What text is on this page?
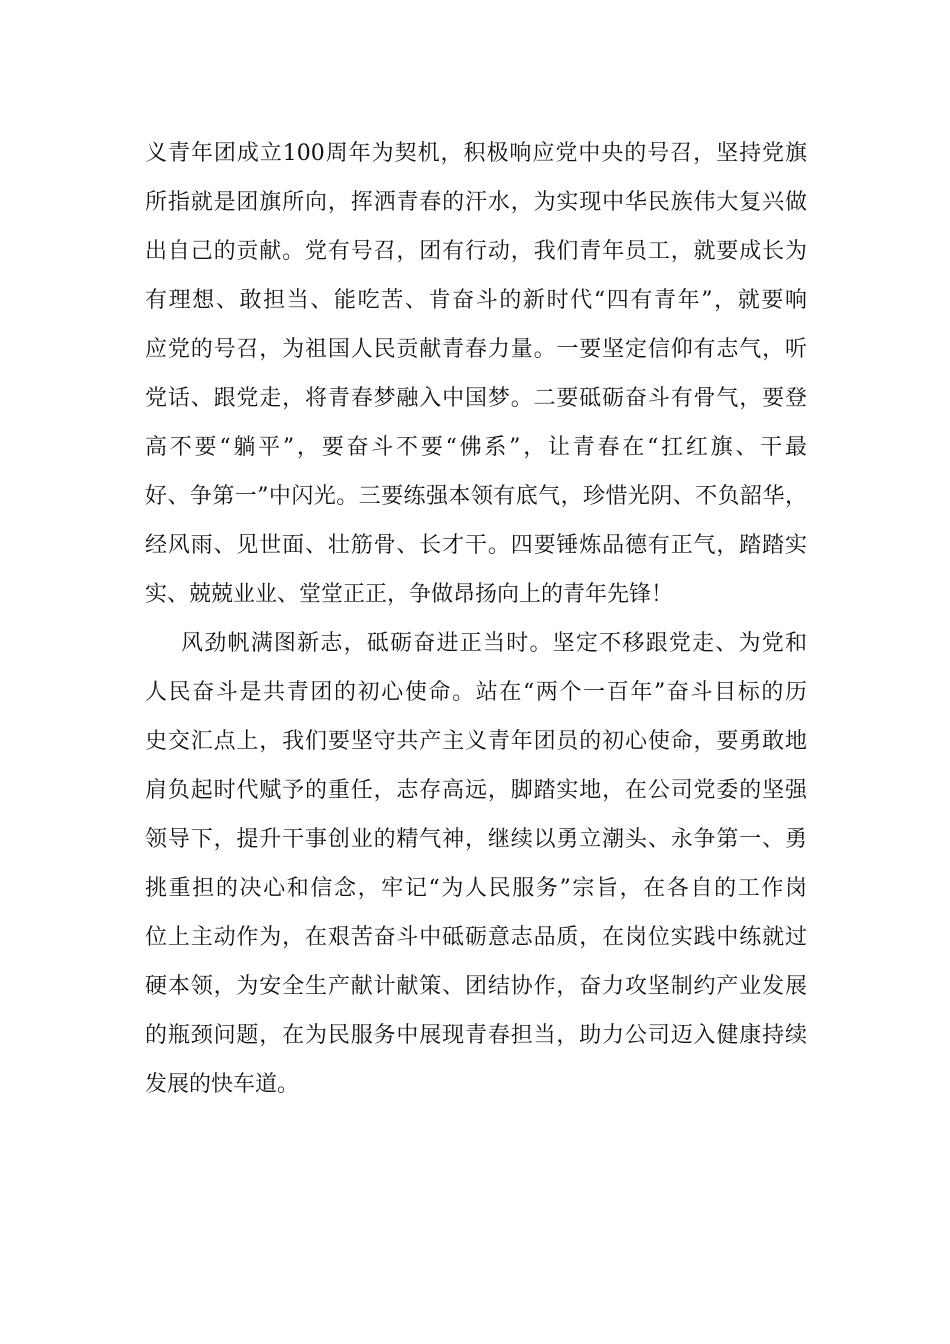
义青年团成立100周年为契机，积极响应党中央的号召，坚持党旗
所指就是团旗所向，挥洒青春的汗水，为实现中华民族伟大复兴做
出自己的贡献。党有号召，团有行动，我们青年员工，就要成长为
有理想、敢担当、能吃苦、肯奋斗的新时代“四有青年”，就要响
应党的号召，为祖国人民贡献青春力量。一要坚定信仰有志气，听
党话、跟党走，将青春梦融入中国梦。二要砥砺奋斗有骨气，要登
高不要“躺平”，要奋斗不要“佛系”，让青春在“扛红旗、干最
好、争第一”中闪光。三要练强本领有底气，珍惜光阴、不负韶华，
经风雨、见世面、壮筋骨、长才干。四要锤炼品德有正气，踏踏实
实、兢兢业业、堂堂正正，争做昂扬向上的青年先锋！
风劲帆满图新志，砥砺奋进正当时。坚定不移跟党走、为党和
人民奋斗是共青团的初心使命。站在“两个一百年”奋斗目标的历
史交汇点上，我们要坚守共产主义青年团员的初心使命，要勇敢地
肩负起时代赋予的重任，志存高远，脚踏实地，在公司党委的坚强
领导下，提升干事创业的精气神，继续以勇立潮头、永争第一、勇
挑重担的决心和信念，牢记“为人民服务”宗旨，在各自的工作岗
位上主动作为，在艰苦奋斗中砥砺意志品质，在岗位实践中练就过
硬本领，为安全生产献计献策、团结协作，奋力攻坚制约产业发展
的瓶颈问题，在为民服务中展现青春担当，助力公司迈入健康持续
发展的快车道。
